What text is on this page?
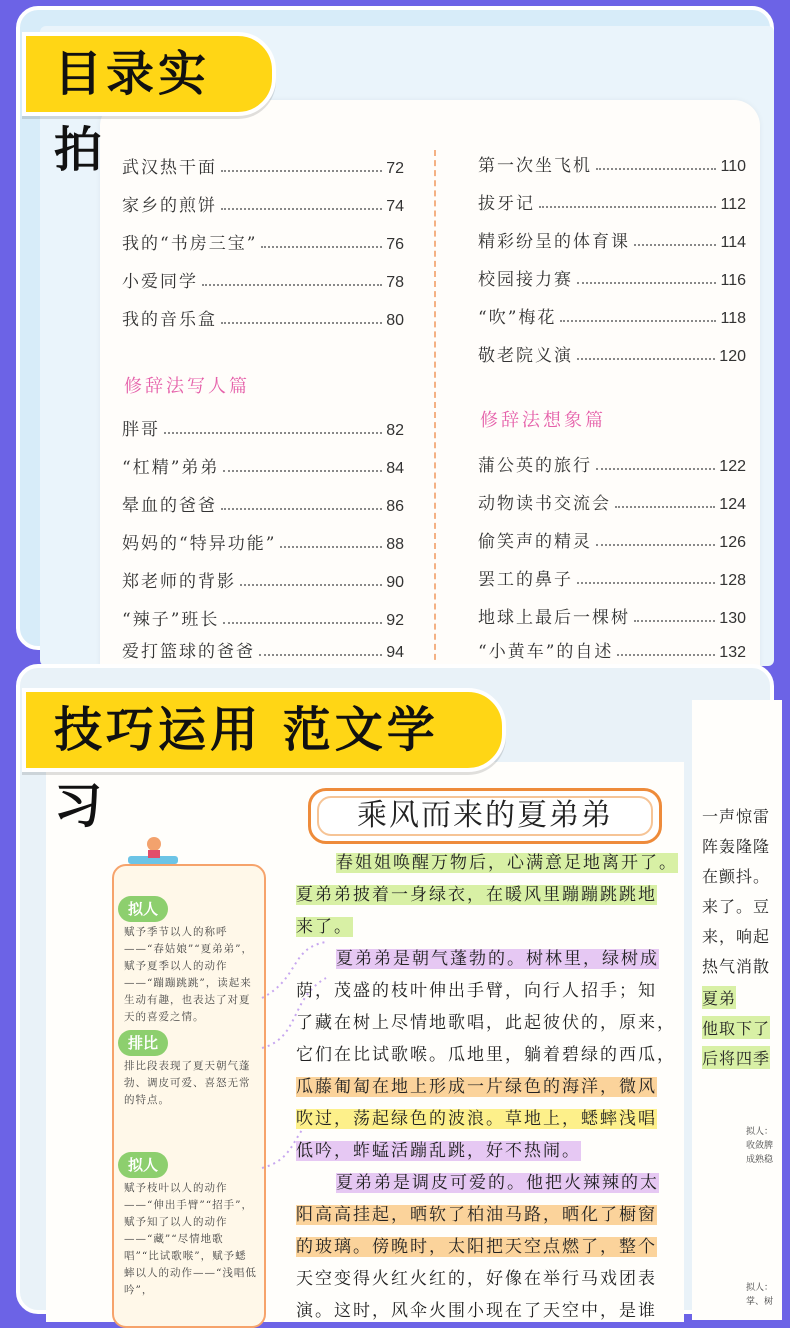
目录实拍 武汉热干面	72
家乡的煎饼	74
我的“书房三宝”	76
小爱同学	78
我的音乐盒	80
胖哥	82
“杠精”弟弟	84
晕血的爸爸	86
妈妈的“特异功能”	88
郑老师的背影	90
“辣子”班长	92
爱打篮球的爸爸	94
修辞法写人篇
第一次坐飞机	110
拔牙记	112
精彩纷呈的体育课	114
校园接力赛	116
“吹”梅花	118
敬老院义演	120
蒲公英的旅行	122
动物读书交流会	124
偷笑声的精灵	126
罢工的鼻子	128
地球上最后一棵树	130
“小黄车”的自述	132
修辞法想象篇
技巧运用 范文学习	乘风而来的夏弟弟
拟人
赋予季节以人的称呼——“春姑娘”“夏弟弟”，赋予夏季以人的动作——“蹦蹦跳跳”，读起来生动有趣，也表达了对夏天的喜爱之情。
排比
排比段表现了夏天朝气蓬勃、调皮可爱、喜怒无常的特点。
拟人
赋予枝叶以人的动作——“伸出手臂”“招手”，赋予知了以人的动作——“藏”“尽情地歌唱”“比试歌喉”，赋予蟋蟀以人的动作——“浅唱低吟”，
春姐姐唤醒万物后，心满意足地离开了。
夏弟弟披着一身绿衣，在暖风里蹦蹦跳跳地
来了。
夏弟弟是朝气蓬勃的。树林里，绿树成
荫，茂盛的枝叶伸出手臂，向行人招手；知
了藏在树上尽情地歌唱，此起彼伏的，原来，
它们在比试歌喉。瓜地里，躺着碧绿的西瓜，
瓜藤匍匐在地上形成一片绿色的海洋，微风
吹过，荡起绿色的波浪。草地上，蟋蟀浅唱
低吟，蚱蜢活蹦乱跳，好不热闹。
夏弟弟是调皮可爱的。他把火辣辣的太
阳高高挂起，晒软了柏油马路，晒化了橱窗
的玻璃。傍晚时，太阳把天空点燃了，整个
天空变得火红火红的，好像在举行马戏团表
演。这时，风伞火围小现在了天空中，是谁
一声惊雷
阵轰隆隆
在颤抖。
来了。豆
来，响起
热气消散
夏弟
他取下了
后将四季
拟人：
收敛脾
成熟稳
拟人：
掌、树
